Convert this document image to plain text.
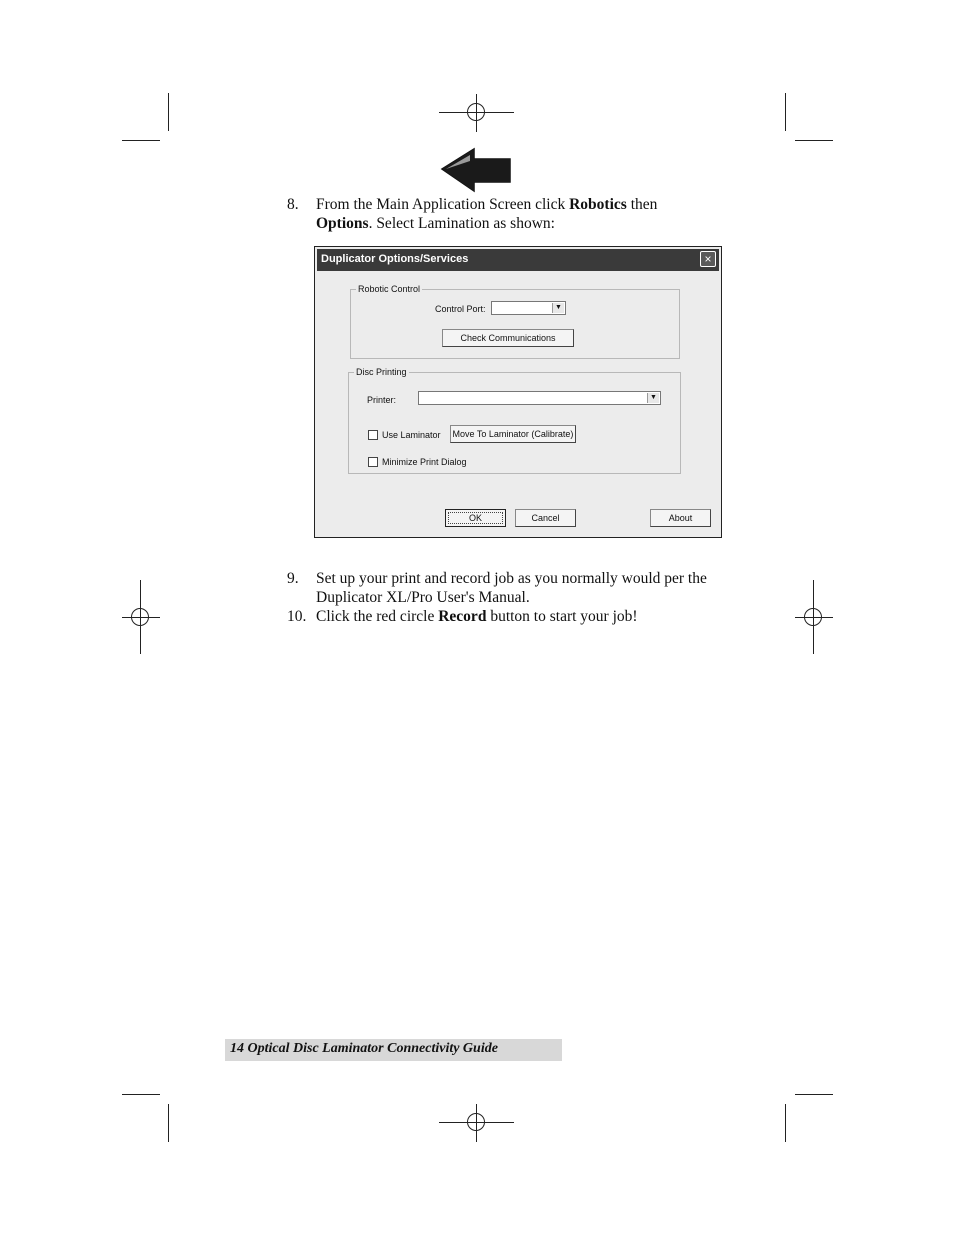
8. From the Main Application Screen click Robotics then
Options. Select Lamination as shown:
Duplicator Options/Services	×
Robotic Control
Control Port:	▼
Check Communications
Disc Printing
Printer:	▼
Use Laminator Move To Laminator (Calibrate)
Minimize Print Dialog
OK	Cancel	About
9. Set up your print and record job as you normally would per the Duplicator XL/Pro User's Manual.
10. Click the red circle Record button to start your job!
14 Optical Disc Laminator Connectivity Guide
